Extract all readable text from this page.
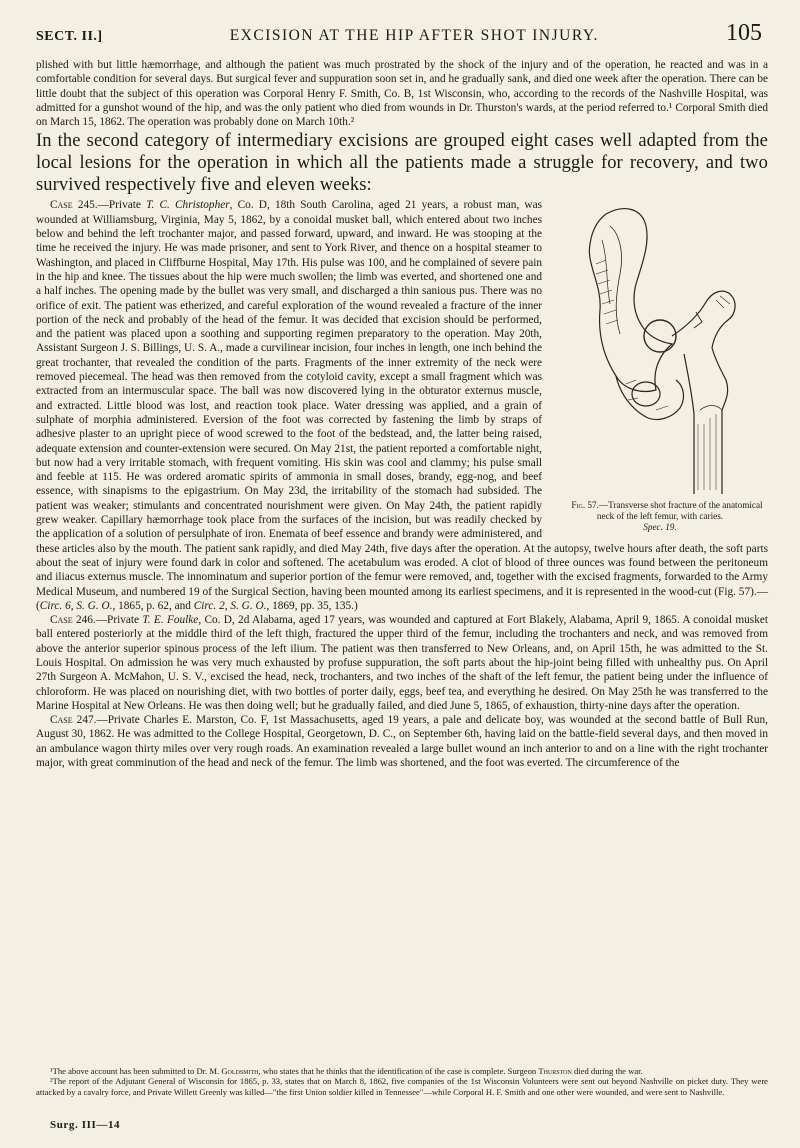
SECT. II.]	EXCISION AT THE HIP AFTER SHOT INJURY.	105

plished with but little hæmorrhage, and although the patient was much prostrated by the shock of the injury and of the operation, he reacted and was in a comfortable condition for several days. But surgical fever and suppuration soon set in, and he gradually sank, and died one week after the operation. There can be little doubt that the subject of this operation was Corporal Henry F. Smith, Co. B, 1st Wisconsin, who, according to the records of the Nashville Hospital, was admitted for a gunshot wound of the hip, and was the only patient who died from wounds in Dr. Thurston's wards, at the period referred to.¹ Corporal Smith died on March 15, 1862. The operation was probably done on March 10th.²

In the second category of intermediary excisions are grouped eight cases well adapted from the local lesions for the operation in which all the patients made a struggle for recovery, and two survived respectively five and eleven weeks:

Fig. 57.—Transverse shot fracture of the anatomical neck of the left femur, with caries.
Spec. 19.
Case 245.—Private T. C. Christopher, Co. D, 18th South Carolina, aged 21 years, a robust man, was wounded at Williamsburg, Virginia, May 5, 1862, by a conoidal musket ball, which entered about two inches below and behind the left trochanter major, and passed forward, upward, and inward. He was stooping at the time he received the injury. He was made prisoner, and sent to York River, and thence on a hospital steamer to Washington, and placed in Cliffburne Hospital, May 17th. His pulse was 100, and he complained of severe pain in the hip and knee. The tissues about the hip were much swollen; the limb was everted, and shortened one and a half inches. The opening made by the bullet was very small, and discharged a thin sanious pus. There was no orifice of exit. The patient was etherized, and careful exploration of the wound revealed a fracture of the inner portion of the neck and probably of the head of the femur. It was decided that excision should be performed, and the patient was placed upon a soothing and supporting regimen preparatory to the operation. May 20th, Assistant Surgeon J. S. Billings, U. S. A., made a curvilinear incision, four inches in length, one inch behind the great trochanter, that revealed the condition of the parts. Fragments of the inner extremity of the neck were removed piecemeal. The head was then removed from the cotyloid cavity, except a small fragment which was extracted from an intermuscular space. The ball was now discovered lying in the obturator externus muscle, and extracted. Little blood was lost, and reaction took place. Water dressing was applied, and a grain of sulphate of morphia administered. Eversion of the foot was corrected by fastening the limb by straps of adhesive plaster to an upright piece of wood screwed to the foot of the bedstead, and, the latter being raised, adequate extension and counter-extension were secured. On May 21st, the patient reported a comfortable night, but now had a very irritable stomach, with frequent vomiting. His skin was cool and clammy; his pulse small and feeble at 115. He was ordered aromatic spirits of ammonia in small doses, brandy, egg-nog, and beef essence, with sinapisms to the epigastrium. On May 23d, the irritability of the stomach had subsided. The patient was weaker; stimulants and concentrated nourishment were given. On May 24th, the patient rapidly grew weaker. Capillary hæmorrhage took place from the surfaces of the incision, but was readily checked by the application of a solution of persulphate of iron. Enemata of beef essence and brandy were administered, and these articles also by the mouth. The patient sank rapidly, and died May 24th, five days after the operation. At the autopsy, twelve hours after death, the soft parts about the seat of injury were found dark in color and softened. The acetabulum was eroded. A clot of blood of three ounces was found between the peritoneum and iliacus externus muscle. The innominatum and superior portion of the femur were removed, and, together with the excised fragments, forwarded to the Army Medical Museum, and numbered 19 of the Surgical Section, having been mounted among its earliest specimens, and it is represented in the wood-cut (Fig. 57).—(Circ. 6, S. G. O., 1865, p. 62, and Circ. 2, S. G. O., 1869, pp. 35, 135.)

Case 246.—Private T. E. Foulke, Co. D, 2d Alabama, aged 17 years, was wounded and captured at Fort Blakely, Alabama, April 9, 1865. A conoidal musket ball entered posteriorly at the middle third of the left thigh, fractured the upper third of the femur, including the trochanters and neck, and was removed from above the anterior superior spinous process of the left ilium. The patient was then transferred to New Orleans, and, on April 15th, he was admitted to the St. Louis Hospital. On admission he was very much exhausted by profuse suppuration, the soft parts about the hip-joint being filled with unhealthy pus. On April 27th Surgeon A. McMahon, U. S. V., excised the head, neck, trochanters, and two inches of the shaft of the left femur, the patient being under the influence of chloroform. He was placed on nourishing diet, with two bottles of porter daily, eggs, beef tea, and everything he desired. On May 25th he was transferred to the Marine Hospital at New Orleans. He was then doing well; but he gradually failed, and died June 5, 1865, of exhaustion, thirty-nine days after the operation.

Case 247.—Private Charles E. Marston, Co. F, 1st Massachusetts, aged 19 years, a pale and delicate boy, was wounded at the second battle of Bull Run, August 30, 1862. He was admitted to the College Hospital, Georgetown, D. C., on September 6th, having laid on the battle-field several days, and then moved in an ambulance wagon thirty miles over very rough roads. An examination revealed a large bullet wound an inch anterior to and on a line with the right trochanter major, with great comminution of the head and neck of the femur. The limb was shortened, and the foot was everted. The circumference of the

¹The above account has been submitted to Dr. M. Goldsmith, who states that he thinks that the identification of the case is complete. Surgeon Thurston died during the war.

²The report of the Adjutant General of Wisconsin for 1865, p. 33, states that on March 8, 1862, five companies of the 1st Wisconsin Volunteers were sent out beyond Nashville on picket duty. They were attacked by a cavalry force, and Private Willett Greenly was killed—"the first Union soldier killed in Tennessee"—while Corporal H. F. Smith and one other were wounded, and were sent to Nashville.

Surg. III—14
